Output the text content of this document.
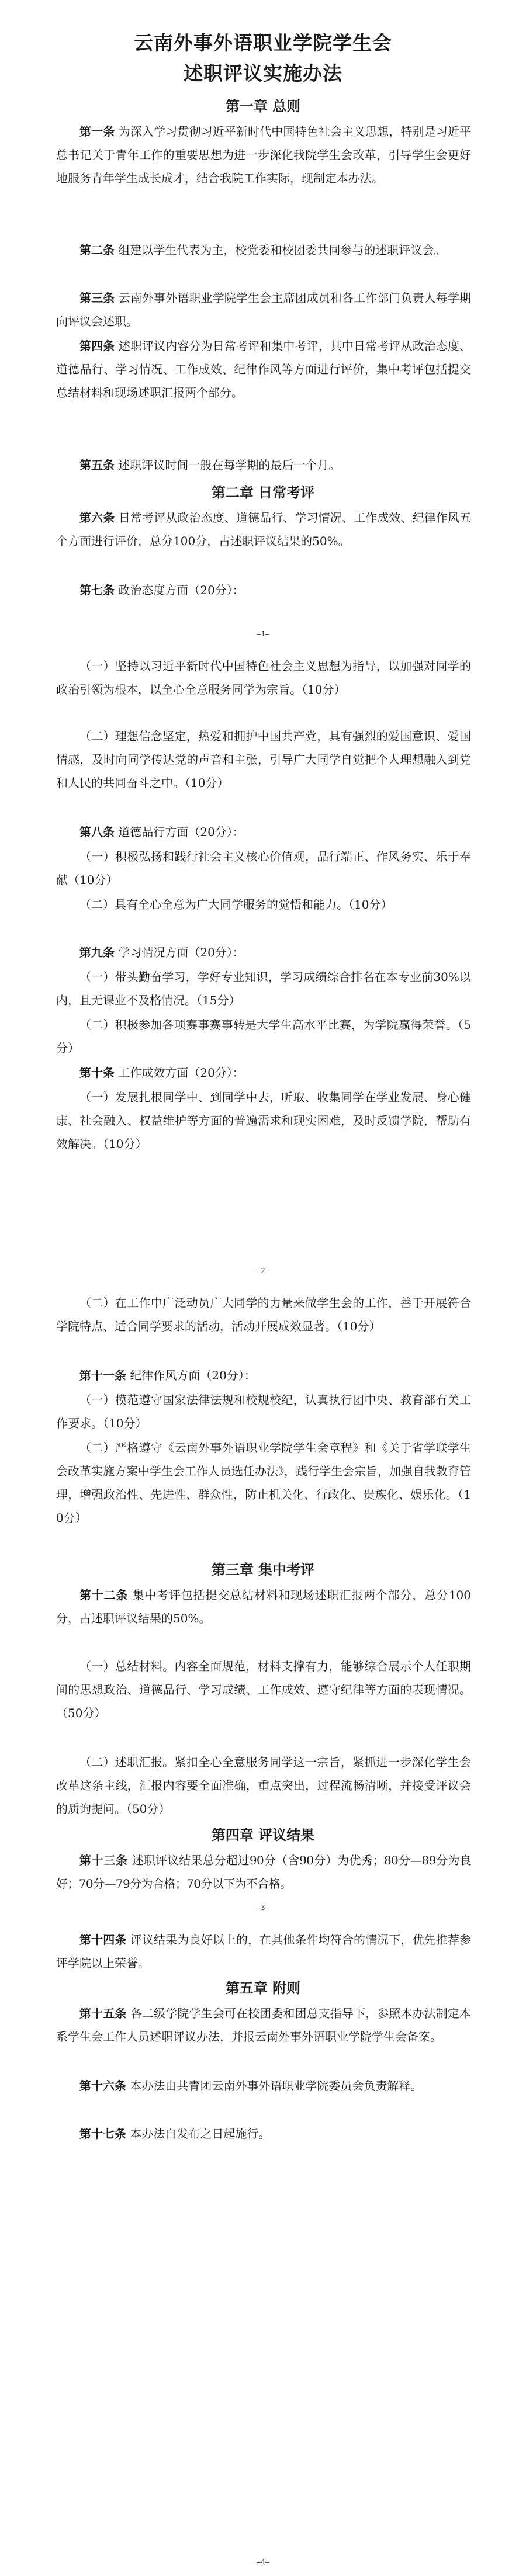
云南外事外语职业学院学生会
述职评议实施办法
第一章 总则
第一条 为深入学习贯彻习近平新时代中国特色社会主义思想，特别是习近平总书记关于青年工作的重要思想为进一步深化我院学生会改革，引导学生会更好地服务青年学生成长成才，结合我院工作实际，现制定本办法。
第二条 组建以学生代表为主，校党委和校团委共同参与的述职评议会。
第三条 云南外事外语职业学院学生会主席团成员和各工作部门负责人每学期向评议会述职。
第四条 述职评议内容分为日常考评和集中考评，其中日常考评从政治态度、道德品行、学习情况、工作成效、纪律作风等方面进行评价，集中考评包括提交总结材料和现场述职汇报两个部分。
第五条 述职评议时间一般在每学期的最后一个月。
第二章 日常考评
第六条 日常考评从政治态度、道德品行、学习情况、工作成效、纪律作风五个方面进行评价，总分100分，占述职评议结果的50%。
第七条 政治态度方面（20分）：
—1—
（一）坚持以习近平新时代中国特色社会主义思想为指导，以加强对同学的政治引领为根本，以全心全意服务同学为宗旨。（10分）
（二）理想信念坚定，热爱和拥护中国共产党，具有强烈的爱国意识、爱国情感，及时向同学传达党的声音和主张，引导广大同学自觉把个人理想融入到党和人民的共同奋斗之中。（10分）
第八条 道德品行方面（20分）：
（一）积极弘扬和践行社会主义核心价值观，品行端正、作风务实、乐于奉献（10分）
（二）具有全心全意为广大同学服务的觉悟和能力。（10分）
第九条 学习情况方面（20分）：
（一）带头勤奋学习，学好专业知识，学习成绩综合排名在本专业前30%以内，且无课业不及格情况。（15分）
（二）积极参加各项赛事赛事转是大学生高水平比赛，为学院赢得荣誉。（5分）
第十条 工作成效方面（20分）：
（一）发展扎根同学中、到同学中去，听取、收集同学在学业发展、身心健康、社会融入、权益维护等方面的普遍需求和现实困难，及时反馈学院，帮助有效解决。（10分）
—2—
（二）在工作中广泛动员广大同学的力量来做学生会的工作，善于开展符合学院特点、适合同学要求的活动，活动开展成效显著。（10分）
第十一条 纪律作风方面（20分）：
（一）模范遵守国家法律法规和校规校纪，认真执行团中央、教育部有关工作要求。（10分）
（二）严格遵守《云南外事外语职业学院学生会章程》和《关于省学联学生会改革实施方案中学生会工作人员选任办法》，践行学生会宗旨，加强自我教育管理，增强政治性、先进性、群众性，防止机关化、行政化、贵族化、娱乐化。（10分）
第三章 集中考评
第十二条 集中考评包括提交总结材料和现场述职汇报两个部分，总分100分，占述职评议结果的50%。
（一）总结材料。内容全面规范，材料支撑有力，能够综合展示个人任职期间的思想政治、道德品行、学习成绩、工作成效、遵守纪律等方面的表现情况。（50分）
（二）述职汇报。紧扣全心全意服务同学这一宗旨，紧抓进一步深化学生会改革这条主线，汇报内容要全面准确，重点突出，过程流畅清晰，并接受评议会的质询提问。（50分）
第四章 评议结果
第十三条 述职评议结果总分超过90分（含90分）为优秀；80分—89分为良好；70分—79分为合格；70分以下为不合格。
—3—
第十四条 评议结果为良好以上的，在其他条件均符合的情况下，优先推荐参评学院以上荣誉。
第五章 附则
第十五条 各二级学院学生会可在校团委和团总支指导下，参照本办法制定本系学生会工作人员述职评议办法，并报云南外事外语职业学院学生会备案。
第十六条 本办法由共青团云南外事外语职业学院委员会负责解释。
第十七条 本办法自发布之日起施行。
—4—
